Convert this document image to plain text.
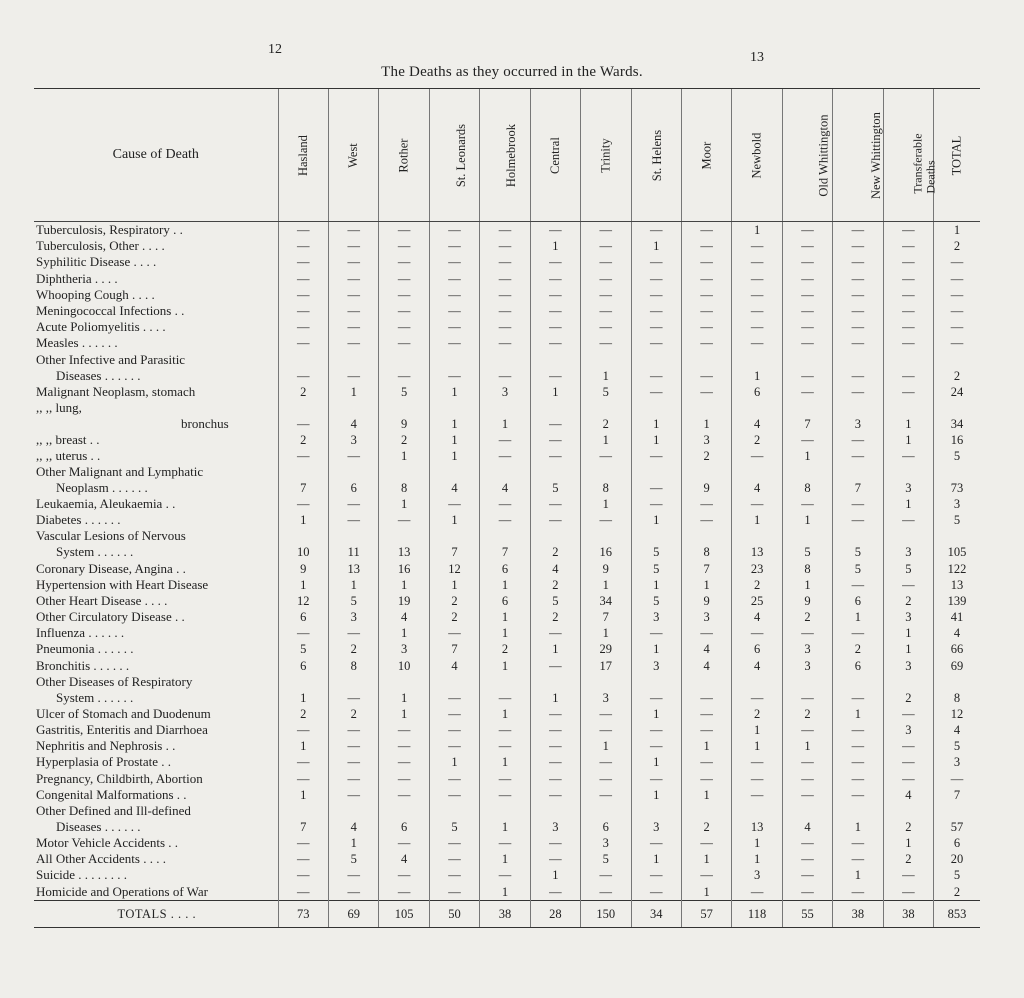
12
13
The Deaths as they occurred in the Wards.
Cause of Death	Hasland	West	Rother	St. Leonards	Holmebrook	Central	Trinity	St. Helens	Moor	Newbold	Old Whittington	New Whittington	Transferable Deaths	TOTAL
Tuberculosis, Respiratory . .	—	—	—	—	—	—	—	—	—	1	—	—	—	1
Tuberculosis, Other . . . .	—	—	—	—	—	1	—	1	—	—	—	—	—	2
Syphilitic Disease . . . .	—	—	—	—	—	—	—	—	—	—	—	—	—	—
Diphtheria . . . .	—	—	—	—	—	—	—	—	—	—	—	—	—	—
Whooping Cough . . . .	—	—	—	—	—	—	—	—	—	—	—	—	—	—
Meningococcal Infections . .	—	—	—	—	—	—	—	—	—	—	—	—	—	—
Acute Poliomyelitis . . . .	—	—	—	—	—	—	—	—	—	—	—	—	—	—
Measles . . . . . .	—	—	—	—	—	—	—	—	—	—	—	—	—	—

Other Infective and Parasitic
Diseases . . . . . .	—	—	—	—	—	—	1	—	—	1	—	—	—	2
Malignant Neoplasm, stomach	2	1	5	1	3	1	5	—	—	6	—	—	—	24

,, ,, lung,
bronchus	—	4	9	1	1	—	2	1	1	4	7	3	1	34
,, ,, breast . .	2	3	2	1	—	—	1	1	3	2	—	—	1	16
,, ,, uterus . .	—	—	1	1	—	—	—	—	2	—	1	—	—	5

Other Malignant and Lymphatic
Neoplasm . . . . . .	7	6	8	4	4	5	8	—	9	4	8	7	3	73
Leukaemia, Aleukaemia . .	—	—	1	—	—	—	1	—	—	—	—	—	1	3
Diabetes . . . . . .	1	—	—	1	—	—	—	1	—	1	1	—	—	5

Vascular Lesions of Nervous
System . . . . . .	10	11	13	7	7	2	16	5	8	13	5	5	3	105
Coronary Disease, Angina . .	9	13	16	12	6	4	9	5	7	23	8	5	5	122
Hypertension with Heart Disease	1	1	1	1	1	2	1	1	1	2	1	—	—	13
Other Heart Disease . . . .	12	5	19	2	6	5	34	5	9	25	9	6	2	139
Other Circulatory Disease . .	6	3	4	2	1	2	7	3	3	4	2	1	3	41
Influenza . . . . . .	—	—	1	—	1	—	1	—	—	—	—	—	1	4
Pneumonia . . . . . .	5	2	3	7	2	1	29	1	4	6	3	2	1	66
Bronchitis . . . . . .	6	8	10	4	1	—	17	3	4	4	3	6	3	69

Other Diseases of Respiratory
System . . . . . .	1	—	1	—	—	1	3	—	—	—	—	—	2	8
Ulcer of Stomach and Duodenum	2	2	1	—	1	—	—	1	—	2	2	1	—	12
Gastritis, Enteritis and Diarrhoea	—	—	—	—	—	—	—	—	—	1	—	—	3	4
Nephritis and Nephrosis . .	1	—	—	—	—	—	1	—	1	1	1	—	—	5
Hyperplasia of Prostate . .	—	—	—	1	1	—	—	1	—	—	—	—	—	3
Pregnancy, Childbirth, Abortion	—	—	—	—	—	—	—	—	—	—	—	—	—	—
Congenital Malformations . .	1	—	—	—	—	—	—	1	1	—	—	—	4	7

Other Defined and Ill-defined
Diseases . . . . . .	7	4	6	5	1	3	6	3	2	13	4	1	2	57
Motor Vehicle Accidents . .	—	1	—	—	—	—	3	—	—	1	—	—	1	6
All Other Accidents . . . .	—	5	4	—	1	—	5	1	1	1	—	—	2	20
Suicide . . . . . . . .	—	—	—	—	—	1	—	—	—	3	—	1	—	5
Homicide and Operations of War	—	—	—	—	1	—	—	—	1	—	—	—	—	2
TOTALS . . . .	73	69	105	50	38	28	150	34	57	118	55	38	38	853
